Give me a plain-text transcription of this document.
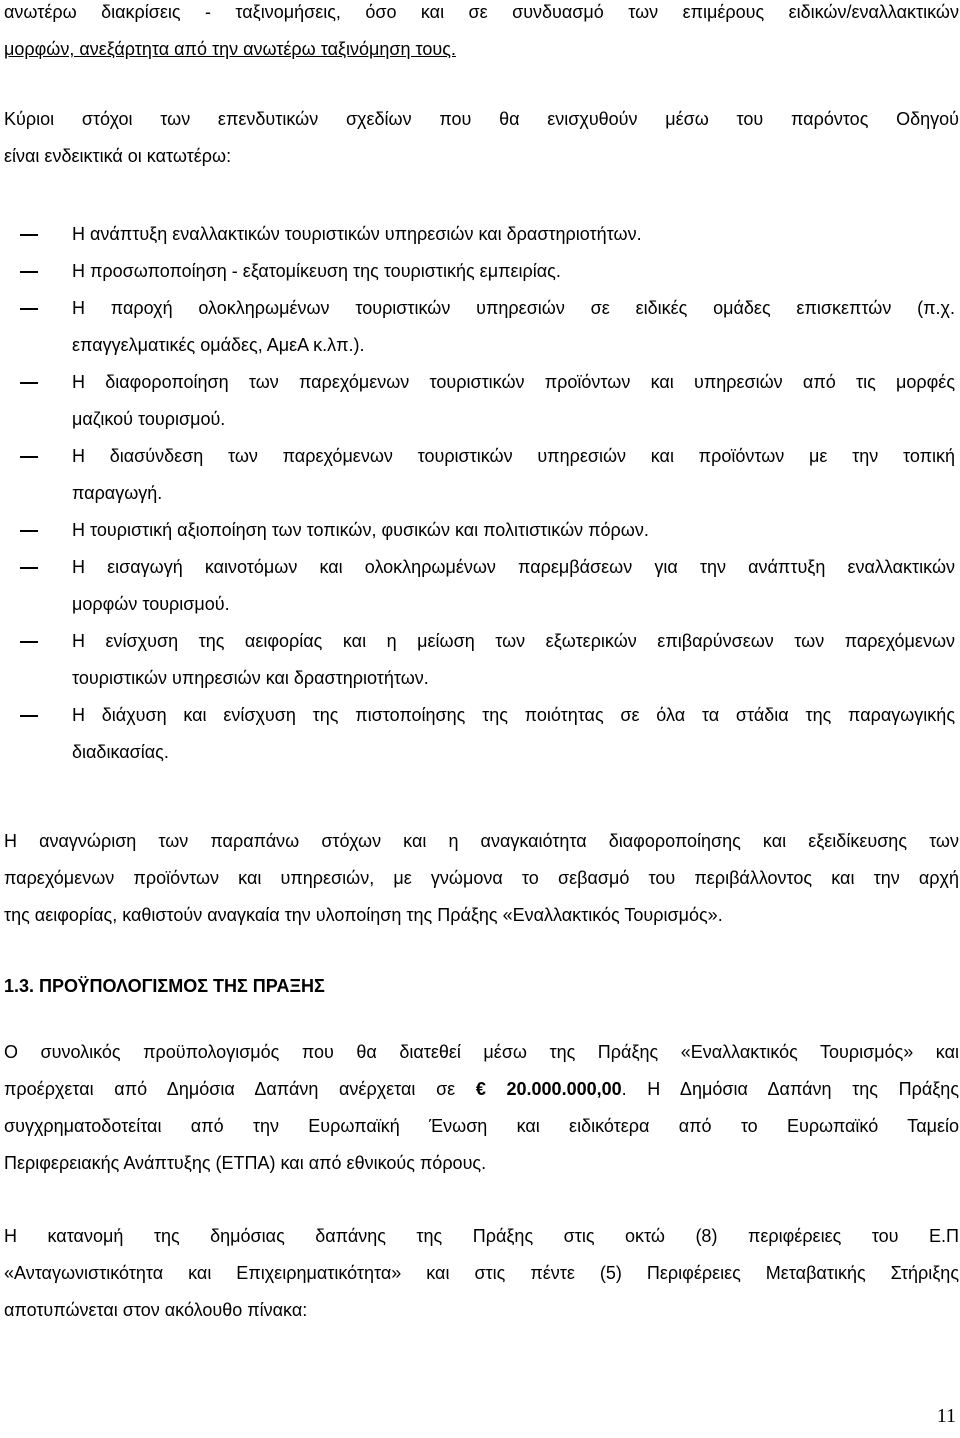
ανωτέρω διακρίσεις - ταξινομήσεις, όσο και σε συνδυασμό των επιμέρους ειδικών/εναλλακτικών
μορφών, ανεξάρτητα από την ανωτέρω ταξινόμηση τους.
Κύριοι στόχοι των επενδυτικών σχεδίων που θα ενισχυθούν μέσω του παρόντος Οδηγού
είναι ενδεικτικά οι κατωτέρω:
Η ανάπτυξη εναλλακτικών τουριστικών υπηρεσιών και δραστηριοτήτων.
Η προσωποποίηση - εξατομίκευση της τουριστικής εμπειρίας.
Η παροχή ολοκληρωμένων τουριστικών υπηρεσιών σε ειδικές ομάδες επισκεπτών (π.χ.
επαγγελματικές ομάδες, ΑμεΑ κ.λπ.).
Η διαφοροποίηση των παρεχόμενων τουριστικών προϊόντων και υπηρεσιών από τις μορφές
μαζικού τουρισμού.
Η διασύνδεση των παρεχόμενων τουριστικών υπηρεσιών και προϊόντων με την τοπική
παραγωγή.
Η τουριστική αξιοποίηση των τοπικών, φυσικών και πολιτιστικών πόρων.
Η εισαγωγή καινοτόμων και ολοκληρωμένων παρεμβάσεων για την ανάπτυξη εναλλακτικών
μορφών τουρισμού.
Η ενίσχυση της αειφορίας και η μείωση των εξωτερικών επιβαρύνσεων των παρεχόμενων
τουριστικών υπηρεσιών και δραστηριοτήτων.
Η διάχυση και ενίσχυση της πιστοποίησης της ποιότητας σε όλα τα στάδια της παραγωγικής
διαδικασίας.
Η αναγνώριση των παραπάνω στόχων και η αναγκαιότητα διαφοροποίησης και εξειδίκευσης των
παρεχόμενων προϊόντων και υπηρεσιών, με γνώμονα το σεβασμό του περιβάλλοντος και την αρχή
της αειφορίας, καθιστούν αναγκαία την υλοποίηση της Πράξης «Εναλλακτικός Τουρισμός».
1.3. ΠΡΟΫΠΟΛΟΓΙΣΜΟΣ ΤΗΣ ΠΡΑΞΗΣ
Ο συνολικός προϋπολογισμός που θα διατεθεί μέσω της Πράξης «Εναλλακτικός Τουρισμός» και
προέρχεται από Δημόσια Δαπάνη ανέρχεται σε € 20.000.000,00. Η Δημόσια Δαπάνη της Πράξης
συγχρηματοδοτείται από την Ευρωπαϊκή Ένωση και ειδικότερα από το Ευρωπαϊκό Ταμείο
Περιφερειακής Ανάπτυξης (ΕΤΠΑ) και από εθνικούς πόρους.
Η κατανομή της δημόσιας δαπάνης της Πράξης στις οκτώ (8) περιφέρειες του Ε.Π
«Ανταγωνιστικότητα και Επιχειρηματικότητα» και στις πέντε (5) Περιφέρειες Μεταβατικής Στήριξης
αποτυπώνεται στον ακόλουθο πίνακα:
11
